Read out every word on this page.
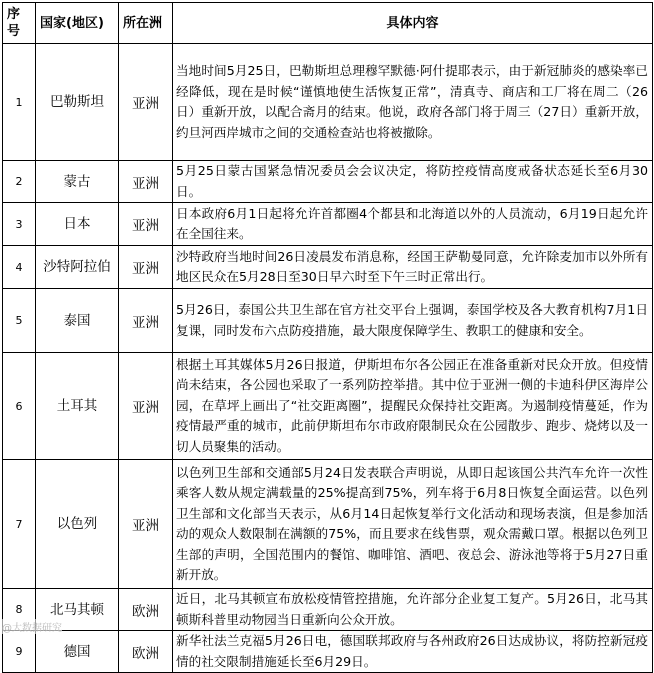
序号	国家(地区)	所在洲	具体内容
1	巴勒斯坦	亚洲	当地时间5月25日，巴勒斯坦总理穆罕默德·阿什提耶表示，由于新冠肺炎的感染率已经降低，现在是时候“谨慎地使生活恢复正常”，清真寺、商店和工厂将在周二（26日）重新开放，以配合斋月的结束。他说，政府各部门将于周三（27日）重新开放，约旦河西岸城市之间的交通检查站也将被撤除。
2	蒙古	亚洲	5月25日蒙古国紧急情况委员会会议决定，将防控疫情高度戒备状态延长至6月30日。
3	日本	亚洲	日本政府6月1日起将允许首都圈4个都县和北海道以外的人员流动，6月19日起允许在全国往来。
4	沙特阿拉伯	亚洲	沙特政府当地时间26日凌晨发布消息称，经国王萨勒曼同意，允许除麦加市以外所有地区民众在5月28日至30日早六时至下午三时正常出行。
5	泰国	亚洲	5月26日，泰国公共卫生部在官方社交平台上强调，泰国学校及各大教育机构7月1日复课，同时发布六点防疫措施，最大限度保障学生、教职工的健康和安全。
6	土耳其	亚洲	根据土耳其媒体5月26日报道，伊斯坦布尔各公园正在准备重新对民众开放。但疫情尚未结束，各公园也采取了一系列防控举措。其中位于亚洲一侧的卡迪科伊区海岸公园，在草坪上画出了“社交距离圈”，提醒民众保持社交距离。为遏制疫情蔓延，作为疫情最严重的城市，此前伊斯坦布尔市政府限制民众在公园散步、跑步、烧烤以及一切人员聚集的活动。
7	以色列	亚洲	以色列卫生部和交通部5月24日发表联合声明说，从即日起该国公共汽车允许一次性乘客人数从规定满载量的25%提高到75%，列车将于6月8日恢复全面运营。以色列卫生部和文化部当天表示，从6月14日起恢复举行文化活动和现场表演，但是参加活动的观众人数限制在满额的75%，而且要求在线售票，观众需戴口罩。根据以色列卫生部的声明，全国范围内的餐馆、咖啡馆、酒吧、夜总会、游泳池等将于5月27日重新开放。
8	北马其顿	欧洲	近日，北马其顿宣布放松疫情管控措施，允许部分企业复工复产。5月26日，北马其顿斯科普里动物园当日重新向公众开放。
9	德国	欧洲	新华社法兰克福5月26日电，德国联邦政府与各州政府26日达成协议，将防控新冠疫情的社交限制措施延长至6月29日。
@大数据研究
